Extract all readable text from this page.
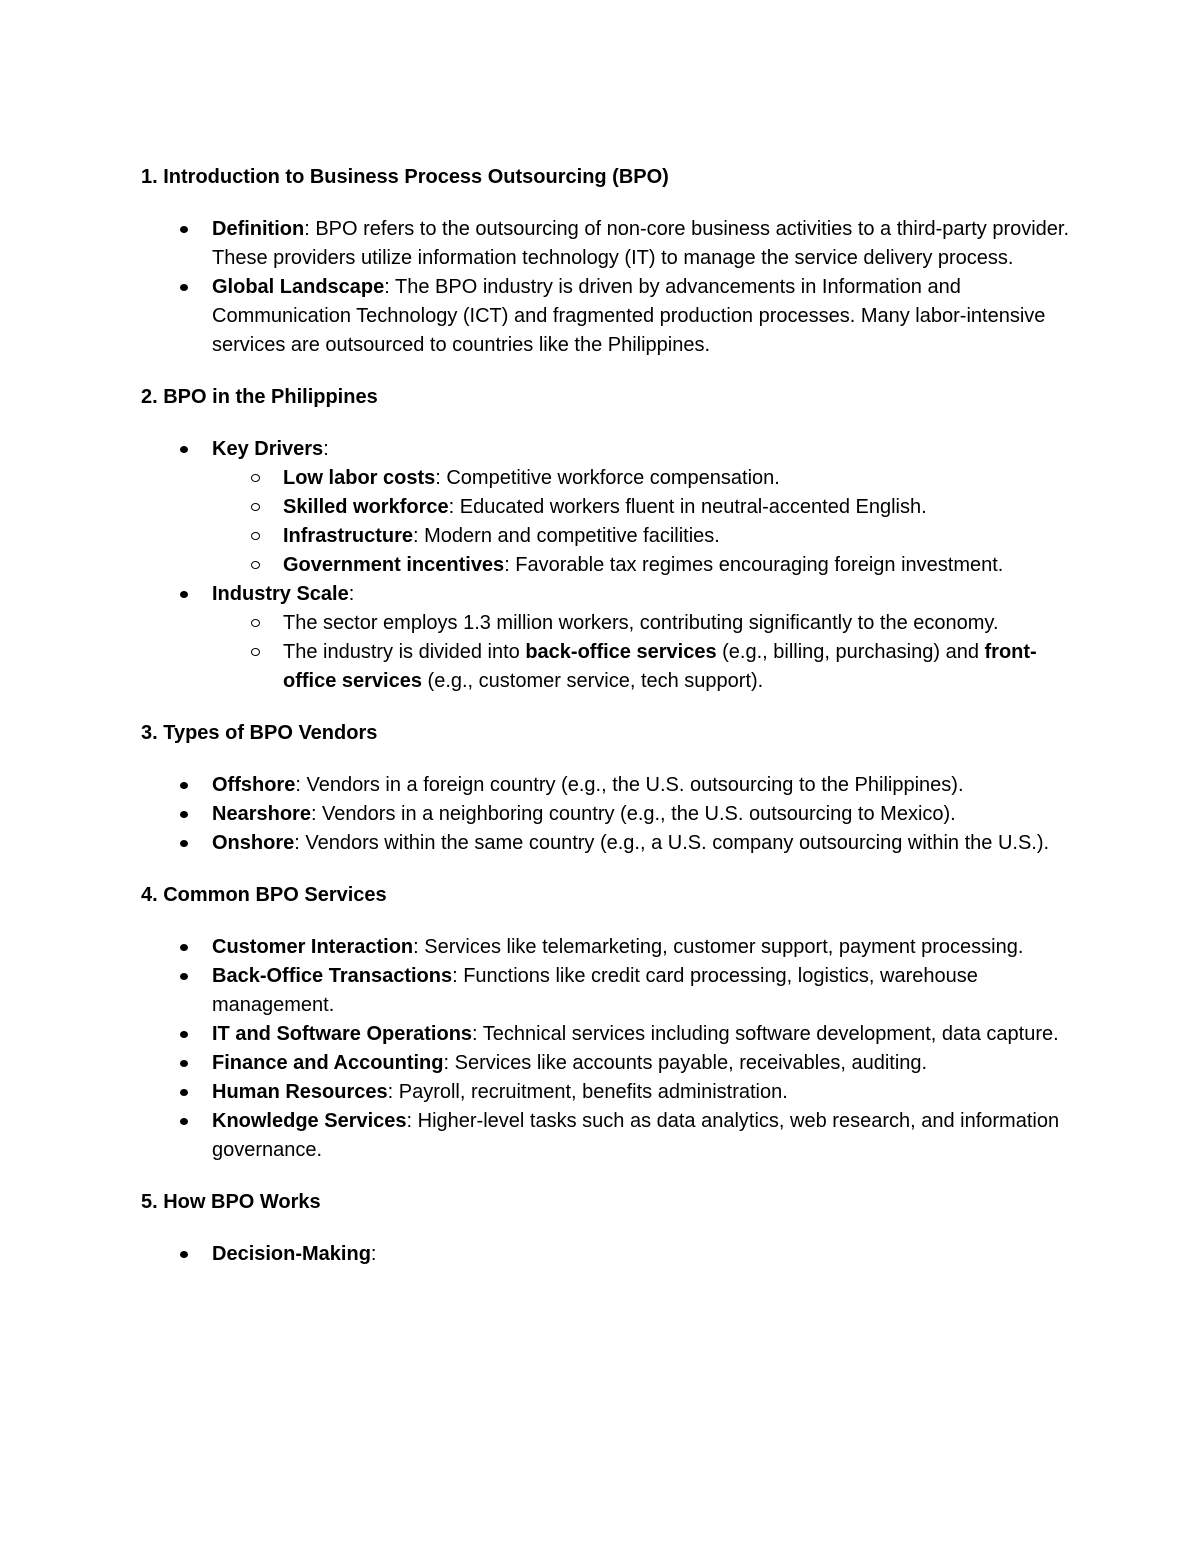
1. Introduction to Business Process Outsourcing (BPO)
Definition: BPO refers to the outsourcing of non-core business activities to a third-party provider. These providers utilize information technology (IT) to manage the service delivery process.
Global Landscape: The BPO industry is driven by advancements in Information and Communication Technology (ICT) and fragmented production processes. Many labor-intensive services are outsourced to countries like the Philippines.
2. BPO in the Philippines
Key Drivers:
Low labor costs: Competitive workforce compensation.
Skilled workforce: Educated workers fluent in neutral-accented English.
Infrastructure: Modern and competitive facilities.
Government incentives: Favorable tax regimes encouraging foreign investment.
Industry Scale:
The sector employs 1.3 million workers, contributing significantly to the economy.
The industry is divided into back-office services (e.g., billing, purchasing) and front-office services (e.g., customer service, tech support).
3. Types of BPO Vendors
Offshore: Vendors in a foreign country (e.g., the U.S. outsourcing to the Philippines).
Nearshore: Vendors in a neighboring country (e.g., the U.S. outsourcing to Mexico).
Onshore: Vendors within the same country (e.g., a U.S. company outsourcing within the U.S.).
4. Common BPO Services
Customer Interaction: Services like telemarketing, customer support, payment processing.
Back-Office Transactions: Functions like credit card processing, logistics, warehouse management.
IT and Software Operations: Technical services including software development, data capture.
Finance and Accounting: Services like accounts payable, receivables, auditing.
Human Resources: Payroll, recruitment, benefits administration.
Knowledge Services: Higher-level tasks such as data analytics, web research, and information governance.
5. How BPO Works
Decision-Making:
